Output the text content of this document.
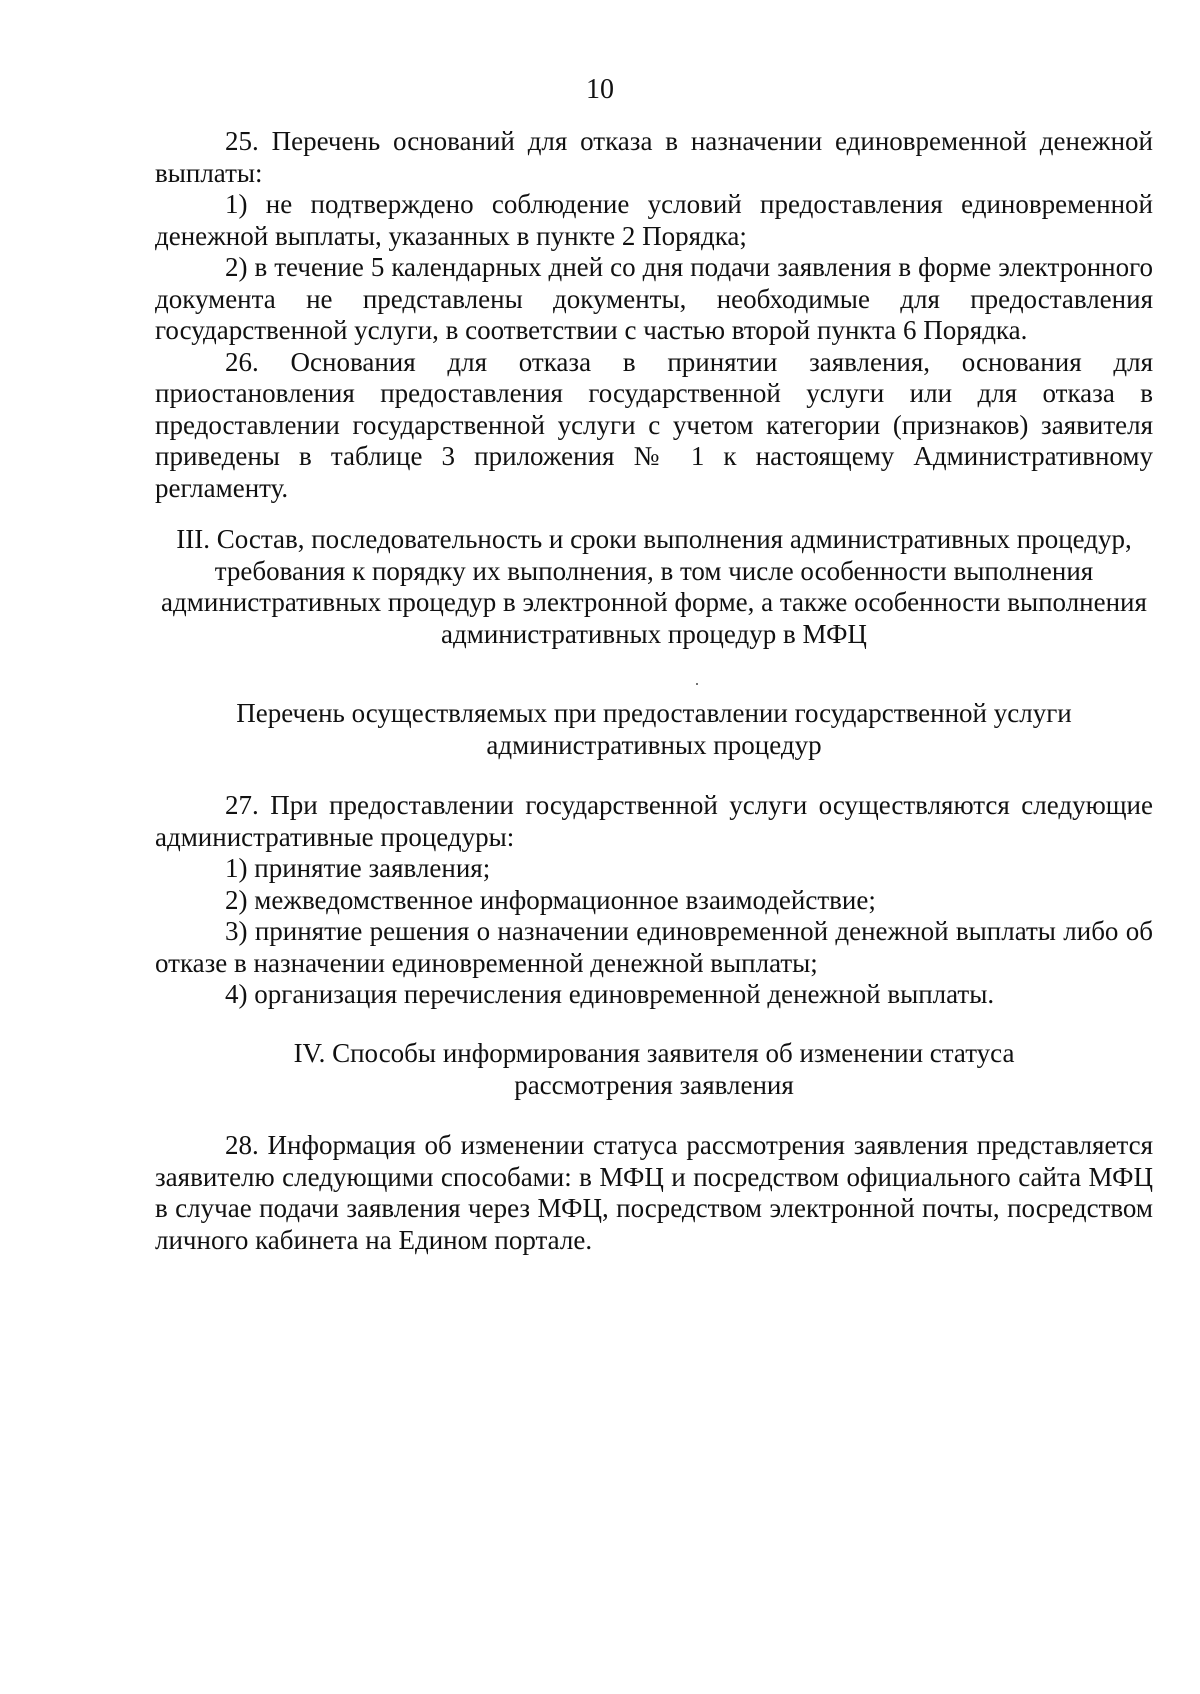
10

25. Перечень оснований для отказа в назначении единовременной денежной выплаты:

1) не подтверждено соблюдение условий предоставления единовременной денежной выплаты, указанных в пункте 2 Порядка;

2) в течение 5 календарных дней со дня подачи заявления в форме электронного документа не представлены документы, необходимые для предоставления государственной услуги, в соответствии с частью второй пункта 6 Порядка.

26. Основания для отказа в принятии заявления, основания для приостановления предоставления государственной услуги или для отказа в предоставлении государственной услуги с учетом категории (признаков) заявителя приведены в таблице 3 приложения № 1 к настоящему Административному регламенту.

III. Состав, последовательность и сроки выполнения административных процедур,
требования к порядку их выполнения, в том числе особенности выполнения
административных процедур в электронной форме, а также особенности выполнения
административных процедур в МФЦ

Перечень осуществляемых при предоставлении государственной услуги
административных процедур

27. При предоставлении государственной услуги осуществляются следующие административные процедуры:

1) принятие заявления;

2) межведомственное информационное взаимодействие;

3) принятие решения о назначении единовременной денежной выплаты либо об отказе в назначении единовременной денежной выплаты;

4) организация перечисления единовременной денежной выплаты.

IV. Способы информирования заявителя об изменении статуса
рассмотрения заявления

28. Информация об изменении статуса рассмотрения заявления представляется заявителю следующими способами: в МФЦ и посредством официального сайта МФЦ в случае подачи заявления через МФЦ, посредством электронной почты, посредством личного кабинета на Едином портале.
